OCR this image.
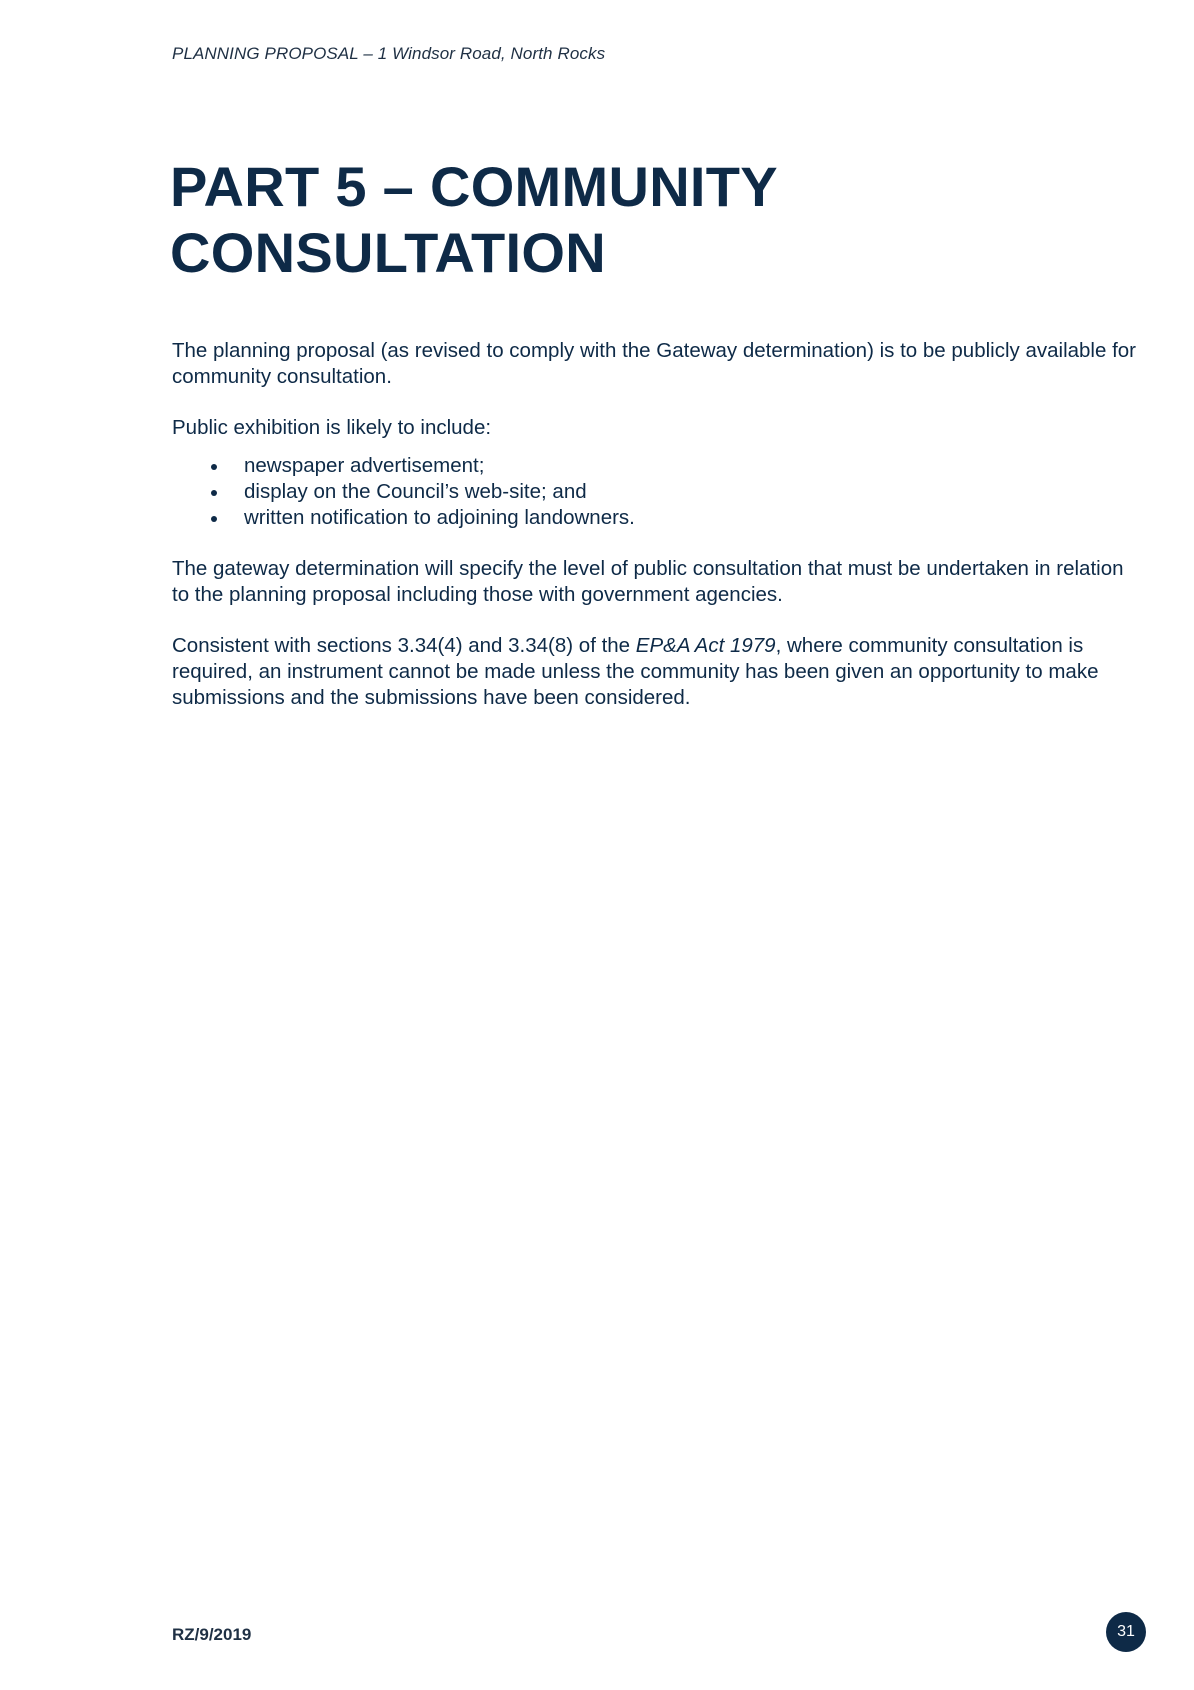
PLANNING PROPOSAL – 1 Windsor Road, North Rocks
PART 5 – COMMUNITY
CONSULTATION

The planning proposal (as revised to comply with the Gateway determination) is to be publicly available for community consultation.

Public exhibition is likely to include:

newspaper advertisement;
display on the Council’s web-site; and
written notification to adjoining landowners.

The gateway determination will specify the level of public consultation that must be undertaken in relation to the planning proposal including those with government agencies.

Consistent with sections 3.34(4) and 3.34(8) of the EP&A Act 1979, where community consultation is required, an instrument cannot be made unless the community has been given an opportunity to make submissions and the submissions have been considered.

RZ/9/2019	31
